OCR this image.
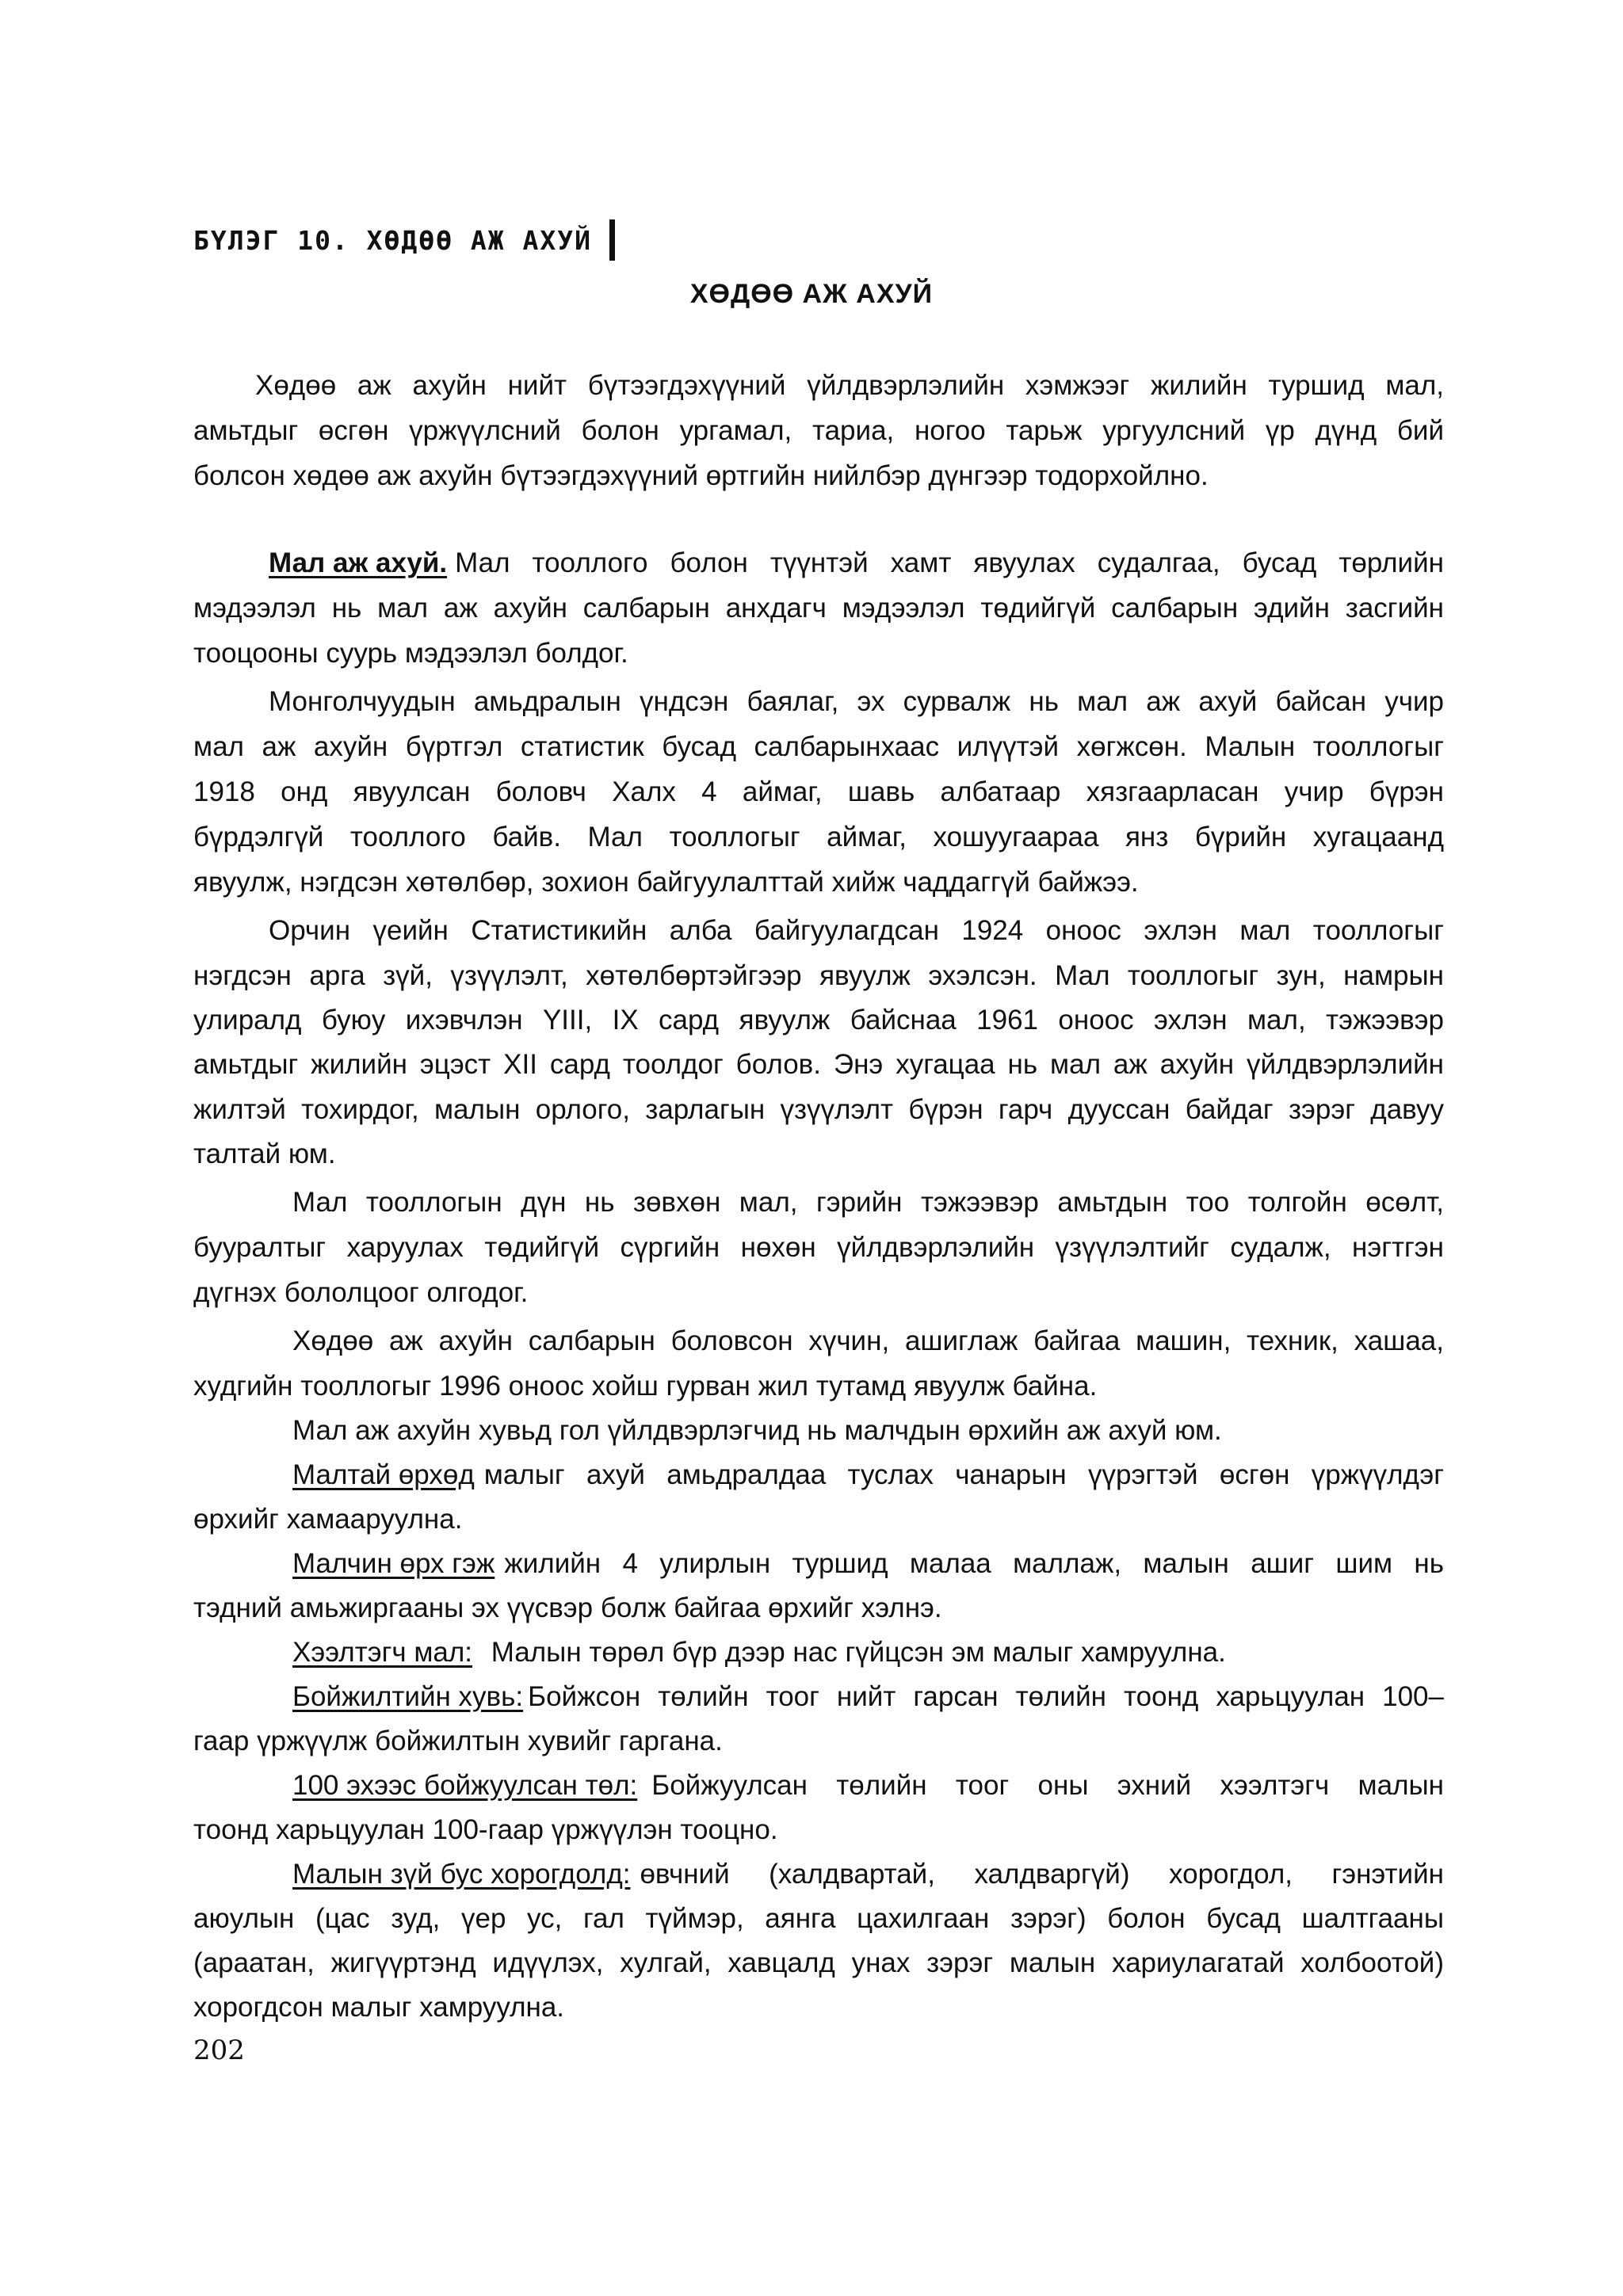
БҮЛЭГ 10. ХӨДӨӨ АЖ АХУЙ
ХӨДӨӨ АЖ АХУЙ
Хөдөө аж ахуйн нийт бүтээгдэхүүний үйлдвэрлэлийн хэмжээг жилийн туршид мал,
амьтдыг өсгөн үржүүлсний болон ургамал, тариа, ногоо тарьж ургуулсний үр дүнд бий
болсон хөдөө аж ахуйн бүтээгдэхүүний өртгийн нийлбэр дүнгээр тодорхойлно.
Мал аж ахуй. Мал тооллого болон түүнтэй хамт явуулах судалгаа, бусад төрлийн
мэдээлэл нь мал аж ахуйн салбарын анхдагч мэдээлэл төдийгүй салбарын эдийн засгийн
тооцооны суурь мэдээлэл болдог.
Монголчуудын амьдралын үндсэн баялаг, эх сурвалж нь мал аж ахуй байсан учир
мал аж ахуйн бүртгэл статистик бусад салбарынхаас илүүтэй хөгжсөн. Малын тооллогыг
1918 онд явуулсан боловч Халх 4 аймаг, шавь албатаар хязгаарласан учир бүрэн
бүрдэлгүй тооллого байв. Мал тооллогыг аймаг, хошуугаараа янз бүрийн хугацаанд
явуулж, нэгдсэн хөтөлбөр, зохион байгуулалттай хийж чаддаггүй байжээ.
Орчин үеийн Статистикийн алба байгуулагдсан 1924 оноос эхлэн мал тооллогыг
нэгдсэн арга зүй, үзүүлэлт, хөтөлбөртэйгээр явуулж эхэлсэн. Мал тооллогыг зун, намрын
улиралд буюу ихэвчлэн YIII, IX сард явуулж байснаа 1961 оноос эхлэн мал, тэжээвэр
амьтдыг жилийн эцэст XII сард тоолдог болов. Энэ хугацаа нь мал аж ахуйн үйлдвэрлэлийн
жилтэй тохирдог, малын орлого, зарлагын үзүүлэлт бүрэн гарч дууссан байдаг зэрэг давуу
талтай юм.
Мал тооллогын дүн нь зөвхөн мал, гэрийн тэжээвэр амьтдын тоо толгойн өсөлт,
бууралтыг харуулах төдийгүй сүргийн нөхөн үйлдвэрлэлийн үзүүлэлтийг судалж, нэгтгэн
дүгнэх бололцоог олгодог.
Хөдөө аж ахуйн салбарын боловсон хүчин, ашиглаж байгаа машин, техник, хашаа,
худгийн тооллогыг 1996 оноос хойш гурван жил тутамд явуулж байна.
Мал аж ахуйн хувьд гол үйлдвэрлэгчид нь малчдын өрхийн аж ахуй юм.
Малтай өрхөд малыг ахуй амьдралдаа туслах чанарын үүрэгтэй өсгөн үржүүлдэг
өрхийг хамааруулна.
Малчин өрх гэж жилийн 4 улирлын туршид малаа маллаж, малын ашиг шим нь
тэдний амьжиргааны эх үүсвэр болж байгаа өрхийг хэлнэ.
Хээлтэгч мал: Малын төрөл бүр дээр нас гүйцсэн эм малыг хамруулна.
Бойжилтийн хувь: Бойжсон төлийн тоог нийт гарсан төлийн тоонд харьцуулан 100–
гаар үржүүлж бойжилтын хувийг гаргана.
100 эхээс бойжуулсан төл: Бойжуулсан төлийн тоог оны эхний хээлтэгч малын
тоонд харьцуулан 100-гаар үржүүлэн тооцно.
Малын зүй бус хорогдолд: өвчний (халдвартай, халдваргүй) хорогдол, гэнэтийн
аюулын (цас зуд, үер ус, гал түймэр, аянга цахилгаан зэрэг) болон бусад шалтгааны
(араатан, жигүүртэнд идүүлэх, хулгай, хавцалд унах зэрэг малын хариулагатай холбоотой)
хорогдсон малыг хамруулна.
202
